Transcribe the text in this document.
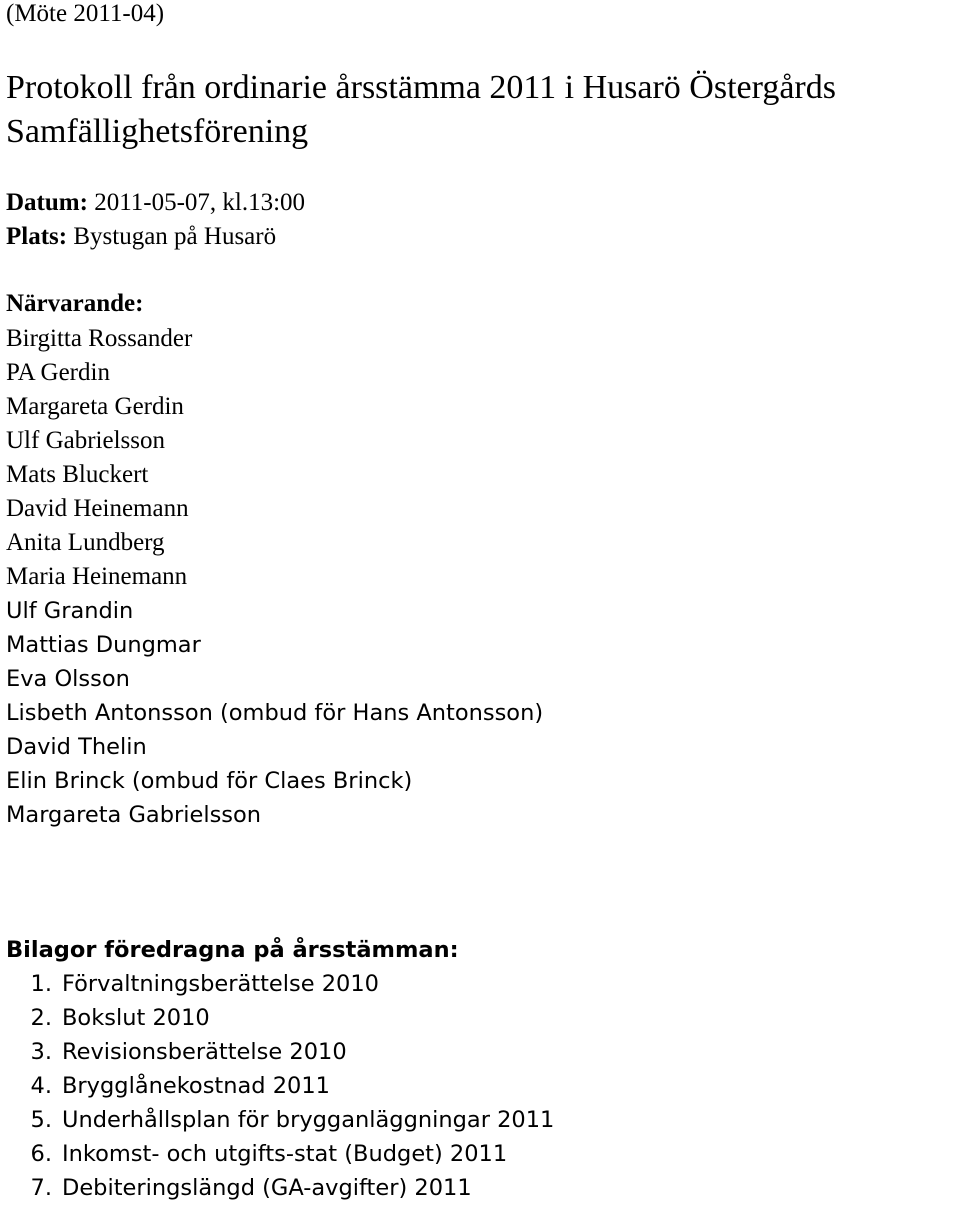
(Möte 2011-04)
Protokoll från ordinarie årsstämma 2011 i Husarö Östergårds
Samfällighetsförening
Datum: 2011-05-07, kl.13:00
Plats: Bystugan på Husarö
Närvarande:
Birgitta Rossander
PA Gerdin
Margareta Gerdin
Ulf Gabrielsson
Mats Bluckert
David Heinemann
Anita Lundberg
Maria Heinemann
Ulf Grandin
Mattias Dungmar
Eva Olsson
Lisbeth Antonsson (ombud för Hans Antonsson)
David Thelin
Elin Brinck (ombud för Claes Brinck)
Margareta Gabrielsson
Bilagor föredragna på årsstämman:
1. Förvaltningsberättelse 2010
2. Bokslut 2010
3. Revisionsberättelse 2010
4. Brygglånekostnad 2011
5. Underhållsplan för brygganläggningar 2011
6. Inkomst- och utgifts-stat (Budget) 2011
7. Debiteringslängd (GA-avgifter) 2011
